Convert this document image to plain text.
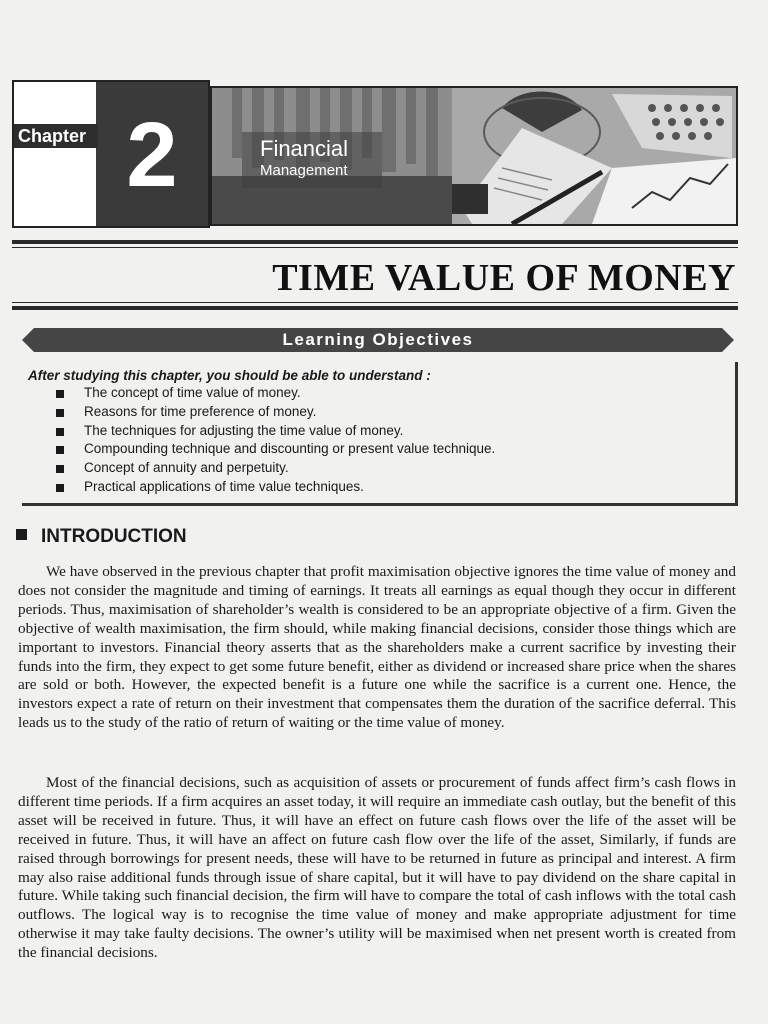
Chapter 2	Financial
Management
TIME VALUE OF MONEY
Learning Objectives
After studying this chapter, you should be able to understand :
The concept of time value of money.
Reasons for time preference of money.
The techniques for adjusting the time value of money.
Compounding technique and discounting or present value technique.
Concept of annuity and perpetuity.
Practical applications of time value techniques.
INTRODUCTION

We have observed in the previous chapter that profit maximisation objective ignores the time value of money and does not consider the magnitude and timing of earnings. It treats all earnings as equal though they occur in different periods. Thus, maximisation of shareholder’s wealth is considered to be an appropriate objective of a firm. Given the objective of wealth maximisation, the firm should, while making financial decisions, consider those things which are important to investors. Financial theory asserts that as the shareholders make a current sacrifice by investing their funds into the firm, they expect to get some future benefit, either as dividend or increased share price when the shares are sold or both. However, the expected benefit is a future one while the sacrifice is a current one. Hence, the investors expect a rate of return on their investment that compensates them the duration of the sacrifice deferral. This leads us to the study of the ratio of return of waiting or the time value of money.

Most of the financial decisions, such as acquisition of assets or procurement of funds affect firm’s cash flows in different time periods. If a firm acquires an asset today, it will require an immediate cash outlay, but the benefit of this asset will be received in future. Thus, it will have an effect on future cash flows over the life of the asset will be received in future. Thus, it will have an affect on future cash flow over the life of the asset, Similarly, if funds are raised through borrowings for present needs, these will have to be returned in future as principal and interest. A firm may also raise additional funds through issue of share capital, but it will have to pay dividend on the share capital in future. While taking such financial decision, the firm will have to compare the total of cash inflows with the total cash outflows. The logical way is to recognise the time value of money and make appropriate adjustment for time otherwise it may take faulty decisions. The owner’s utility will be maximised when net present worth is created from the financial decisions.
